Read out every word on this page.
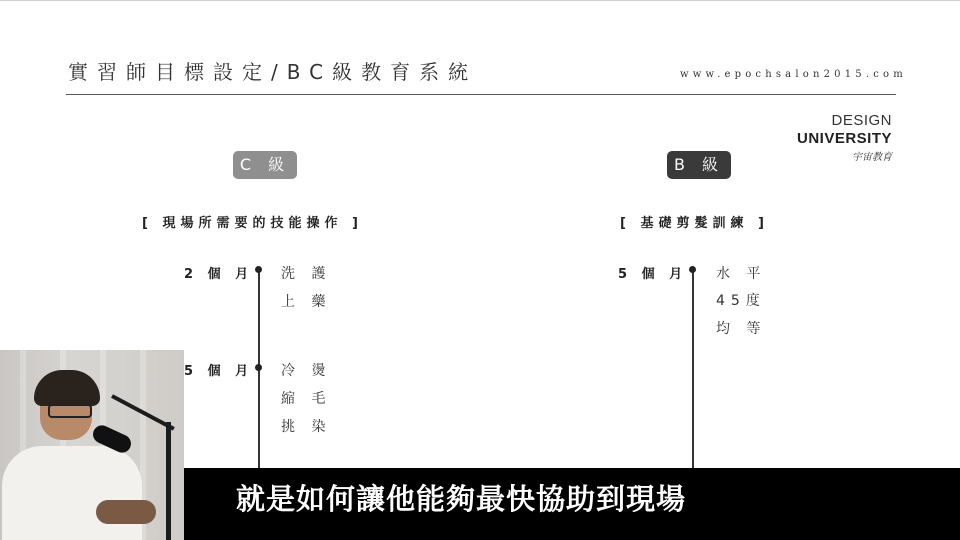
實習師目標設定/BC級教育系統	www.epochsalon2015.com
DESIGN
UNIVERSITY
宇宙教育
C 級
[ 現場所需要的技能操作 ]
2 個 月 洗 護
上 藥
5 個 月 冷 燙
縮 毛
挑 染
B 級
[ 基礎剪髮訓練 ]
5 個 月 水 平
45度
均 等
就是如何讓他能夠最快協助到現場
